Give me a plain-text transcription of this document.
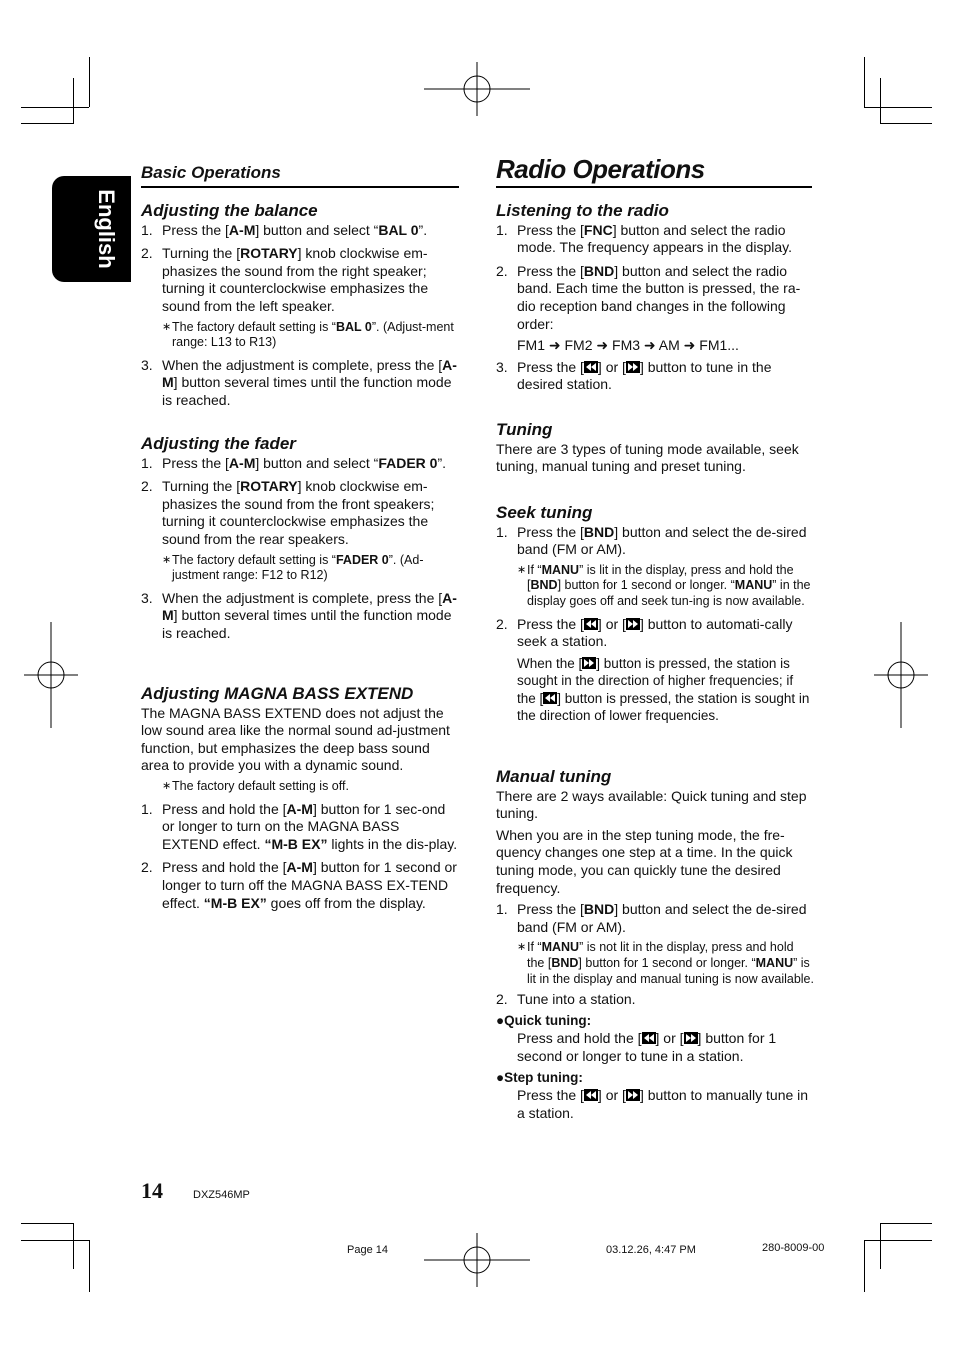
English
Basic Operations
Adjusting the balance
1. Press the [A-M] button and select “BAL 0”.
2. Turning the [ROTARY] knob clockwise em-phasizes the sound from the right speaker; turning it counterclockwise emphasizes the sound from the left speaker.
∗ The factory default setting is “BAL 0”. (Adjust-ment range: L13 to R13)
3. When the adjustment is complete, press the [A-M] button several times until the function mode is reached.
Adjusting the fader
1. Press the [A-M] button and select “FADER 0”.
2. Turning the [ROTARY] knob clockwise em-phasizes the sound from the front speakers; turning it counterclockwise emphasizes the sound from the rear speakers.
∗ The factory default setting is “FADER 0”. (Ad-justment range: F12 to R12)
3. When the adjustment is complete, press the [A-M] button several times until the function mode is reached.
Adjusting MAGNA BASS EXTEND
The MAGNA BASS EXTEND does not adjust the low sound area like the normal sound ad-justment function, but emphasizes the deep bass sound area to provide you with a dynamic sound.
∗ The factory default setting is off.
1. Press and hold the [A-M] button for 1 sec-ond or longer to turn on the MAGNA BASS EXTEND effect. “M-B EX” lights in the dis-play.
2. Press and hold the [A-M] button for 1 second or longer to turn off the MAGNA BASS EX-TEND effect. “M-B EX” goes off from the display.
Radio Operations
Listening to the radio
1. Press the [FNC] button and select the radio mode. The frequency appears in the display.
2. Press the [BND] button and select the radio band. Each time the button is pressed, the ra-dio reception band changes in the following order:
FM1 ➜ FM2 ➜ FM3 ➜ AM ➜ FM1...
3. Press the [ ] or [ ] button to tune in the desired station.
Tuning
There are 3 types of tuning mode available, seek tuning, manual tuning and preset tuning.
Seek tuning
1. Press the [BND] button and select the de-sired band (FM or AM).
∗ If “MANU” is lit in the display, press and hold the [BND] button for 1 second or longer. “MANU” in the display goes off and seek tun-ing is now available.
2. Press the [ ] or [ ] button to automati-cally seek a station.
When the [ ] button is pressed, the station is sought in the direction of higher frequencies; if the [ ] button is pressed, the station is sought in the direction of lower frequencies.
Manual tuning
There are 2 ways available: Quick tuning and step tuning.
When you are in the step tuning mode, the fre-quency changes one step at a time. In the quick tuning mode, you can quickly tune the desired frequency.
1. Press the [BND] button and select the de-sired band (FM or AM).
∗ If “MANU” is not lit in the display, press and hold the [BND] button for 1 second or longer. “MANU” is lit in the display and manual tuning is now available.
2. Tune into a station.
●Quick tuning:
Press and hold the [ ] or [ ] button for 1 second or longer to tune in a station.
●Step tuning:
Press the [ ] or [ ] button to manually tune in a station.
14	DXZ546MP
Page 14	03.12.26, 4:47 PM	280-8009-00
